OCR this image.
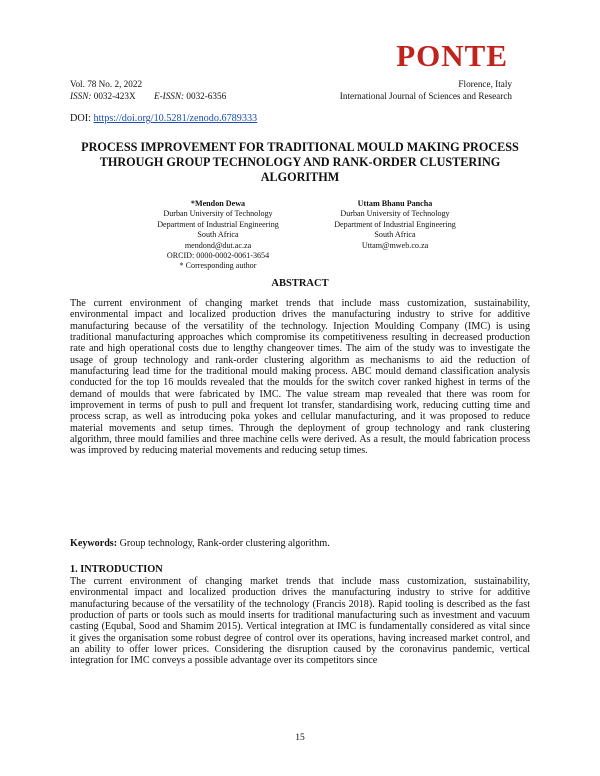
PONTE
Vol. 78 No. 2, 2022
ISSN: 0032-423X E-ISSN: 0032-6356
Florence, Italy
International Journal of Sciences and Research
DOI: https://doi.org/10.5281/zenodo.6789333
PROCESS IMPROVEMENT FOR TRADITIONAL MOULD MAKING PROCESS THROUGH GROUP TECHNOLOGY AND RANK-ORDER CLUSTERING ALGORITHM
*Mendon Dewa
Durban University of Technology
Department of Industrial Engineering
South Africa
mendond@dut.ac.za
ORCID: 0000-0002-0061-3654
* Corresponding author
Uttam Bhanu Pancha
Durban University of Technology
Department of Industrial Engineering
South Africa
Uttam@mweb.co.za
ABSTRACT
The current environment of changing market trends that include mass customization, sustainability, environmental impact and localized production drives the manufacturing industry to strive for additive manufacturing because of the versatility of the technology. Injection Moulding Company (IMC) is using traditional manufacturing approaches which compromise its competitiveness resulting in decreased production rate and high operational costs due to lengthy changeover times. The aim of the study was to investigate the usage of group technology and rank-order clustering algorithm as mechanisms to aid the reduction of manufacturing lead time for the traditional mould making process. ABC mould demand classification analysis conducted for the top 16 moulds revealed that the moulds for the switch cover ranked highest in terms of the demand of moulds that were fabricated by IMC. The value stream map revealed that there was room for improvement in terms of push to pull and frequent lot transfer, standardising work, reducing cutting time and process scrap, as well as introducing poka yokes and cellular manufacturing, and it was proposed to reduce material movements and setup times. Through the deployment of group technology and rank clustering algorithm, three mould families and three machine cells were derived. As a result, the mould fabrication process was improved by reducing material movements and reducing setup times.
Keywords: Group technology, Rank-order clustering algorithm.
1. INTRODUCTION
The current environment of changing market trends that include mass customization, sustainability, environmental impact and localized production drives the manufacturing industry to strive for additive manufacturing because of the versatility of the technology (Francis 2018). Rapid tooling is described as the fast production of parts or tools such as mould inserts for traditional manufacturing such as investment and vacuum casting (Equbal, Sood and Shamim 2015). Vertical integration at IMC is fundamentally considered as vital since it gives the organisation some robust degree of control over its operations, having increased market control, and an ability to offer lower prices. Considering the disruption caused by the coronavirus pandemic, vertical integration for IMC conveys a possible advantage over its competitors since
15
